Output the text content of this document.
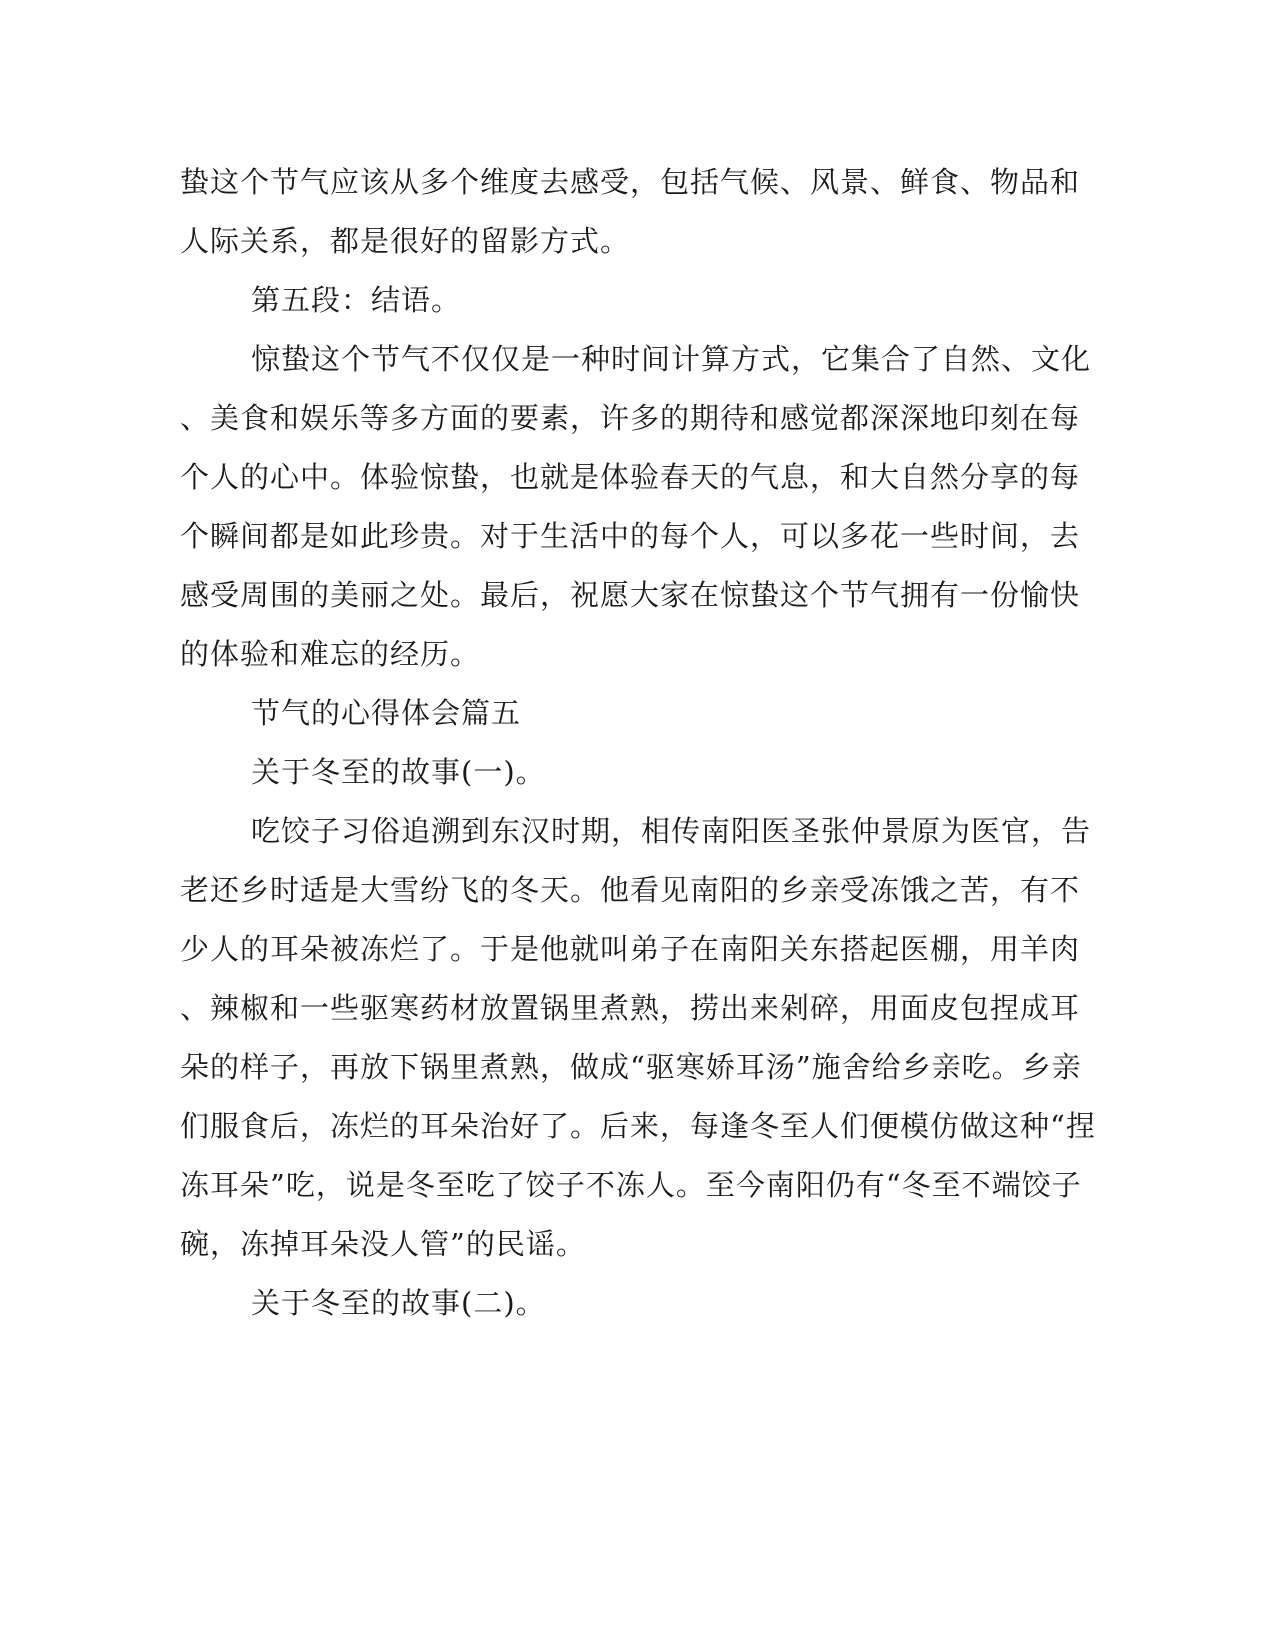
蛰这个节气应该从多个维度去感受，包括气候、风景、鲜食、物品和

人际关系，都是很好的留影方式。

第五段：结语。

惊蛰这个节气不仅仅是一种时间计算方式，它集合了自然、文化

、美食和娱乐等多方面的要素，许多的期待和感觉都深深地印刻在每

个人的心中。体验惊蛰，也就是体验春天的气息，和大自然分享的每

个瞬间都是如此珍贵。对于生活中的每个人，可以多花一些时间，去

感受周围的美丽之处。最后，祝愿大家在惊蛰这个节气拥有一份愉快

的体验和难忘的经历。

节气的心得体会篇五

关于冬至的故事(一)。

吃饺子习俗追溯到东汉时期，相传南阳医圣张仲景原为医官，告

老还乡时适是大雪纷飞的冬天。他看见南阳的乡亲受冻饿之苦，有不

少人的耳朵被冻烂了。于是他就叫弟子在南阳关东搭起医棚，用羊肉

、辣椒和一些驱寒药材放置锅里煮熟，捞出来剁碎，用面皮包捏成耳

朵的样子，再放下锅里煮熟，做成“驱寒娇耳汤”施舍给乡亲吃。乡亲

们服食后，冻烂的耳朵治好了。后来，每逢冬至人们便模仿做这种“捏

冻耳朵”吃，说是冬至吃了饺子不冻人。至今南阳仍有“冬至不端饺子

碗，冻掉耳朵没人管”的民谣。

关于冬至的故事(二)。
